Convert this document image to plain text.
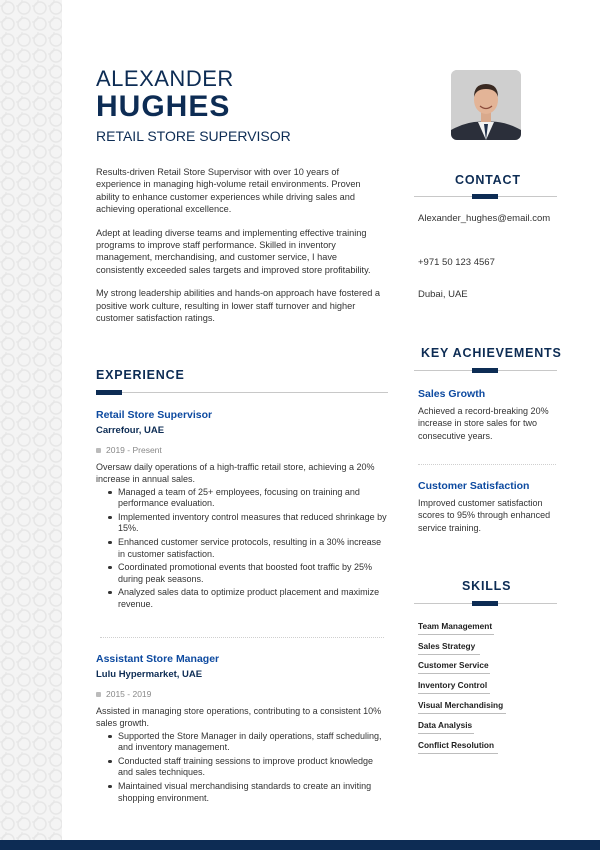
ALEXANDER
HUGHES
RETAIL STORE SUPERVISOR

Results-driven Retail Store Supervisor with over 10 years of experience in managing high-volume retail environments. Proven ability to enhance customer experiences while driving sales and achieving operational excellence.

Adept at leading diverse teams and implementing effective training programs to improve staff performance. Skilled in inventory management, merchandising, and customer service, I have consistently exceeded sales targets and improved store profitability.

My strong leadership abilities and hands-on approach have fostered a positive work culture, resulting in lower staff turnover and higher customer satisfaction ratings.

EXPERIENCE
Retail Store Supervisor
Carrefour, UAE
2019 - Present
Oversaw daily operations of a high-traffic retail store, achieving a 20% increase in annual sales.
Managed a team of 25+ employees, focusing on training and performance evaluation.
Implemented inventory control measures that reduced shrinkage by 15%.
Enhanced customer service protocols, resulting in a 30% increase in customer satisfaction.
Coordinated promotional events that boosted foot traffic by 25% during peak seasons.
Analyzed sales data to optimize product placement and maximize revenue.
Assistant Store Manager
Lulu Hypermarket, UAE
2015 - 2019
Assisted in managing store operations, contributing to a consistent 10% sales growth.
Supported the Store Manager in daily operations, staff scheduling, and inventory management.
Conducted staff training sessions to improve product knowledge and sales techniques.
Maintained visual merchandising standards to create an inviting shopping environment.
CONTACT
Alexander_hughes@email.com
+971 50 123 4567
Dubai, UAE
KEY ACHIEVEMENTS
Sales Growth
Achieved a record-breaking 20% increase in store sales for two consecutive years.
Customer Satisfaction
Improved customer satisfaction scores to 95% through enhanced service training.
SKILLS
Team Management
Sales Strategy
Customer Service
Inventory Control
Visual Merchandising
Data Analysis
Conflict Resolution
